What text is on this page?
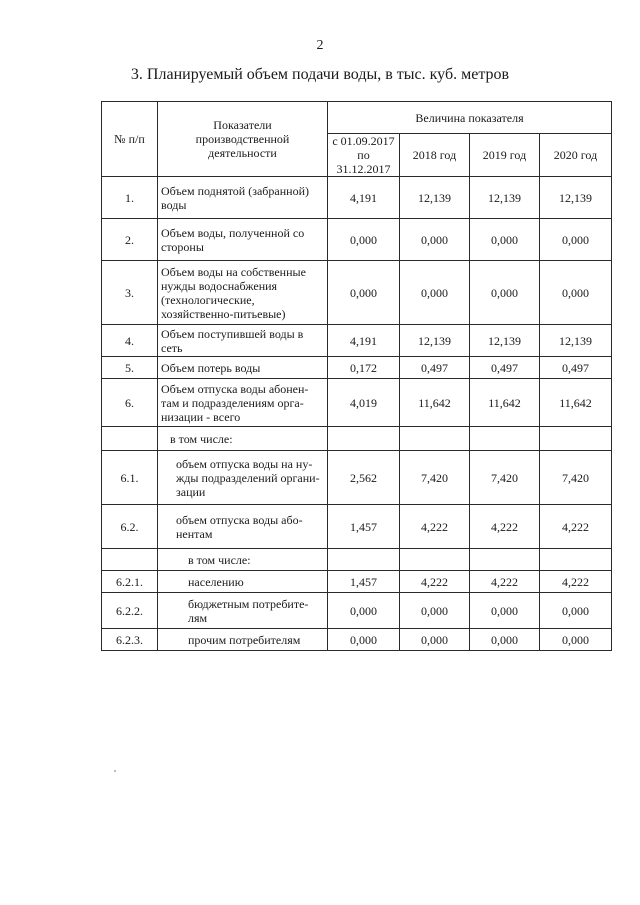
2
3. Планируемый объем подачи воды, в тыс. куб. метров
№ п/п	Показатели
производственной
деятельности	Величина показателя			

		с 01.09.2017
по 31.12.2017	2018 год	2019 год	2020 год
1.	Объем поднятой (забранной)
воды	4,191	12,139	12,139	12,139
2.	Объем воды, полученной со
стороны	0,000	0,000	0,000	0,000
3.	Объем воды на собственные
нужды водоснабжения
(технологические,
хозяйственно-питьевые)	0,000	0,000	0,000	0,000
4.	Объем поступившей воды в
сеть	4,191	12,139	12,139	12,139
5.	Объем потерь воды	0,172	0,497	0,497	0,497
6.	Объем отпуска воды абонен-
там и подразделениям орга-
низации - всего	4,019	11,642	11,642	11,642

	в том числе:				

6.1.	объем отпуска воды на ну-
жды подразделений органи-
зации	2,562	7,420	7,420	7,420
6.2.	объем отпуска воды або-
нентам	1,457	4,222	4,222	4,222

	в том числе:				

6.2.1.	населению	1,457	4,222	4,222	4,222
6.2.2.	бюджетным потребите-
лям	0,000	0,000	0,000	0,000
6.2.3.	прочим потребителям	0,000	0,000	0,000	0,000
